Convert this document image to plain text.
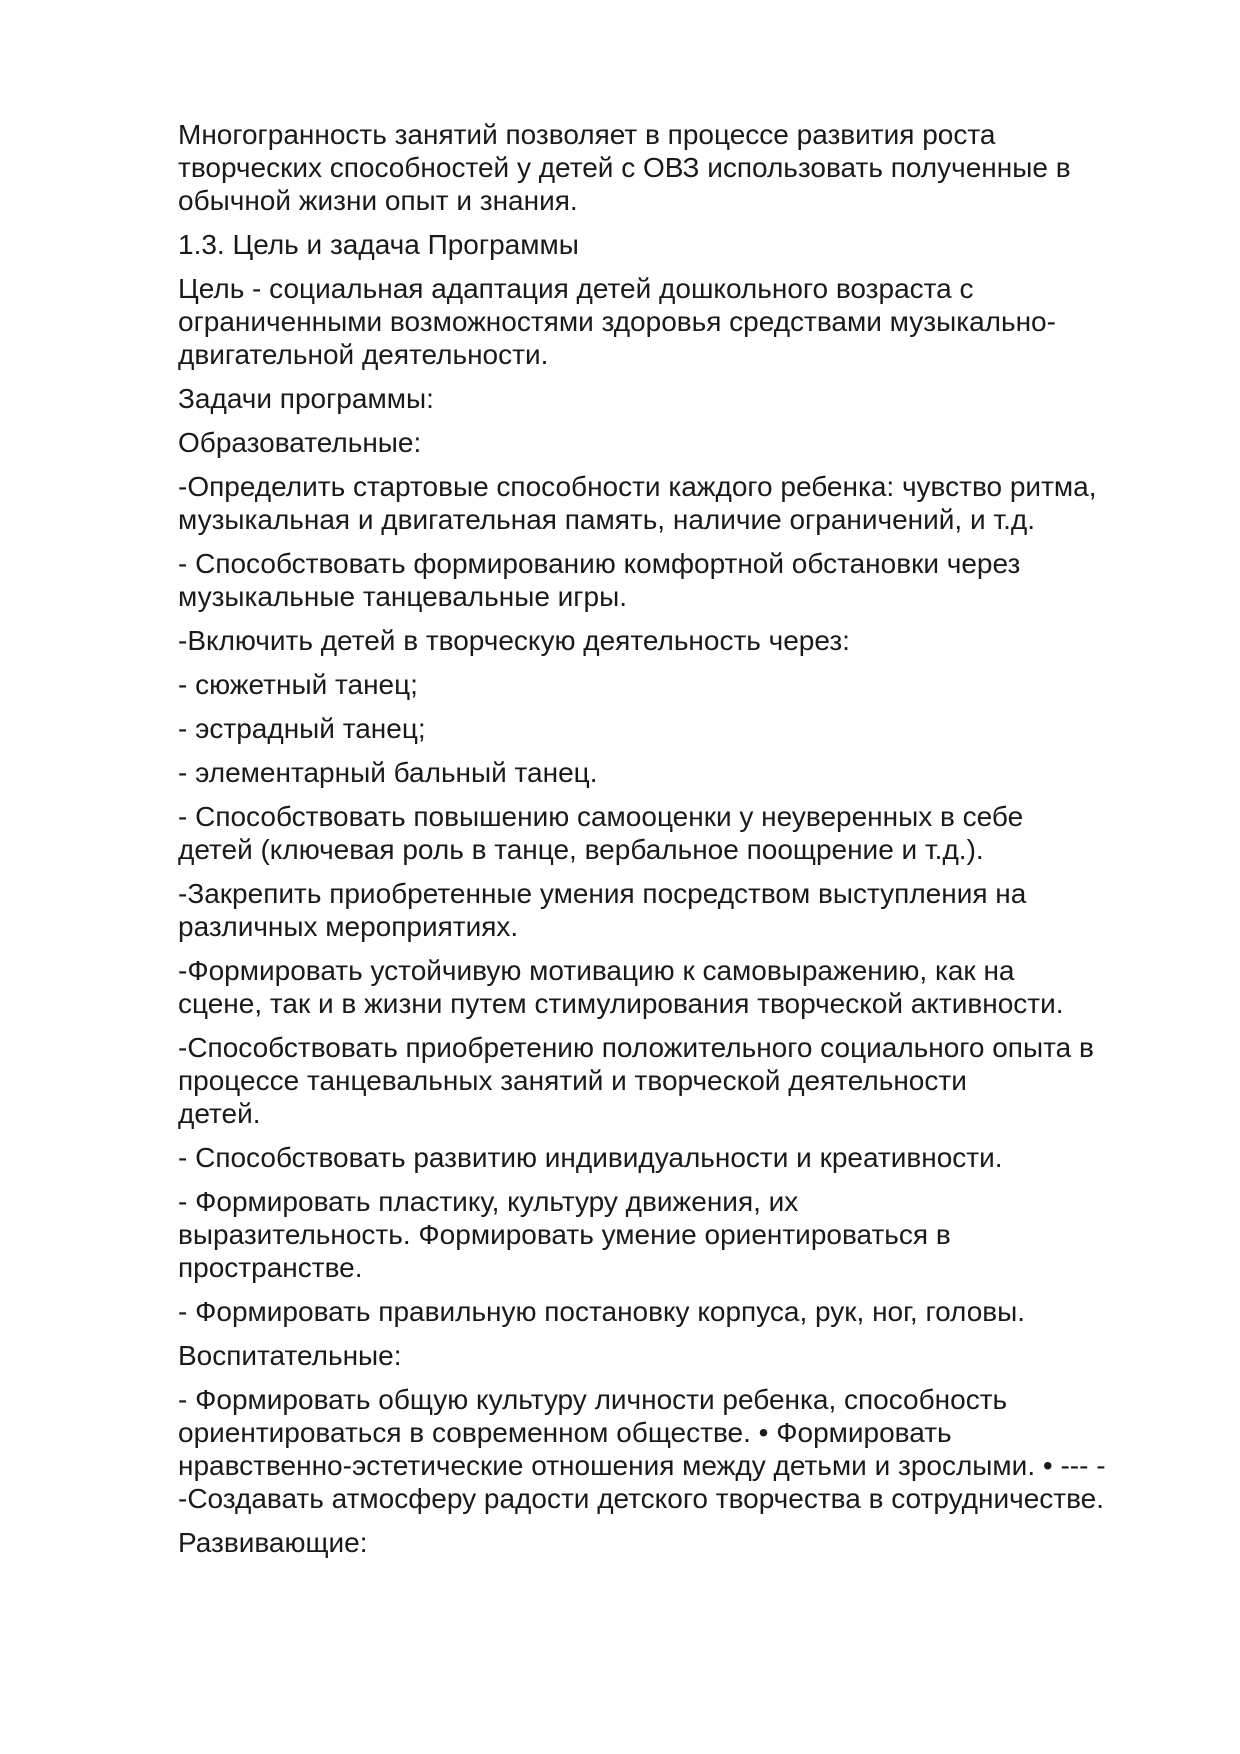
Многогранность занятий позволяет в процессе развития роста
творческих способностей у детей с ОВЗ использовать полученные в
обычной жизни опыт и знания.

1.3. Цель и задача Программы

Цель - социальная адаптация детей дошкольного возраста с
ограниченными возможностями здоровья средствами музыкально-
двигательной деятельности.

Задачи программы:

Образовательные:

-Определить стартовые способности каждого ребенка: чувство ритма,
музыкальная и двигательная память, наличие ограничений, и т.д.

- Способствовать формированию комфортной обстановки через
музыкальные танцевальные игры.

-Включить детей в творческую деятельность через:

- сюжетный танец;

- эстрадный танец;

- элементарный бальный танец.

- Способствовать повышению самооценки у неуверенных в себе
детей (ключевая роль в танце, вербальное поощрение и т.д.).

-Закрепить приобретенные умения посредством выступления на
различных мероприятиях.

-Формировать устойчивую мотивацию к самовыражению, как на
сцене, так и в жизни путем стимулирования творческой активности.

-Способствовать приобретению положительного социального опыта в
процессе танцевальных занятий и творческой деятельности
детей.

- Способствовать развитию индивидуальности и креативности.

- Формировать пластику, культуру движения, их
выразительность. Формировать умение ориентироваться в
пространстве.

- Формировать правильную постановку корпуса, рук, ног, головы.

Воспитательные:

- Формировать общую культуру личности ребенка, способность
ориентироваться в современном обществе. • Формировать
нравственно-эстетические отношения между детьми и зрослыми. • --- -
-Создавать атмосферу радости детского творчества в сотрудничестве.

Развивающие:
